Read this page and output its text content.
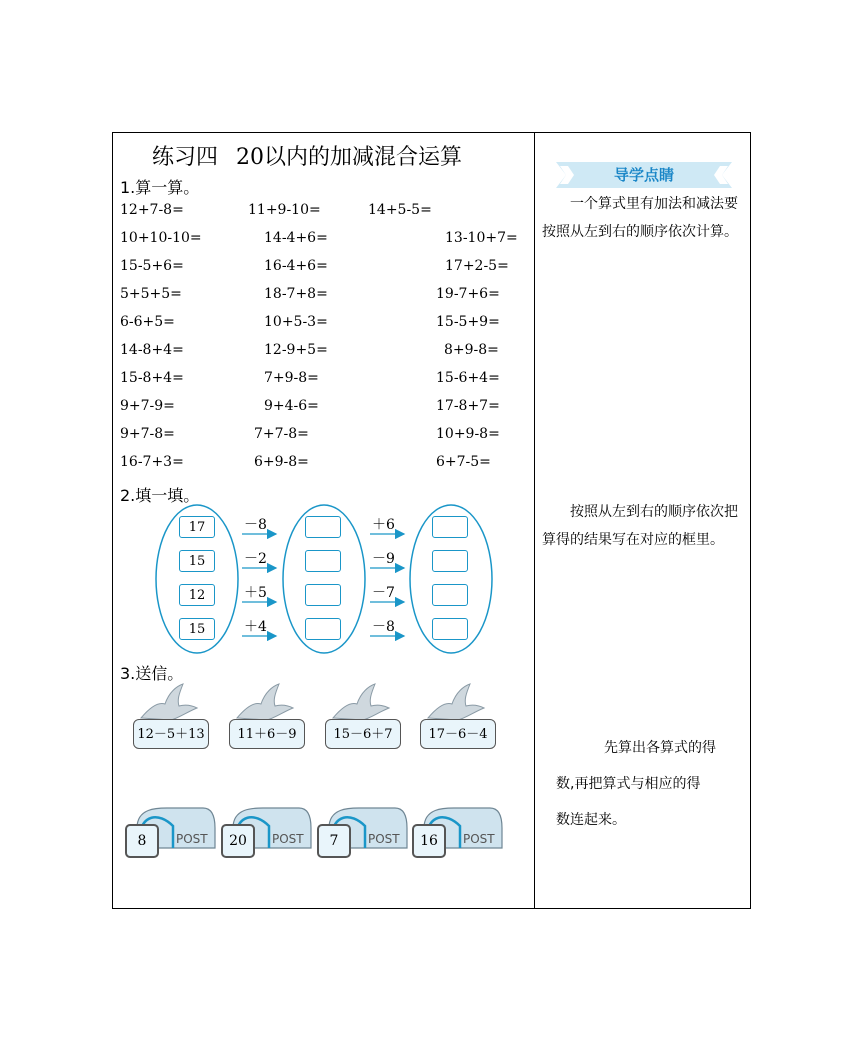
练习四 20以内的加减混合运算
1.算一算。
12+7-8=	11+9-10=	14+5-5=
10+10-10=	14-4+6=	13-10+7=
15-5+6=	16-4+6=	17+2-5=
5+5+5=	18-7+8=	19-7+6=
6-6+5=	10+5-3=	15-5+9=
14-8+4=	12-9+5=	8+9-8=
15-8+4=	7+9-8=	15-6+4=
9+7-9=	9+4-6=	17-8+7=
9+7-8=	7+7-8=	10+9-8=
16-7+3=	6+9-8=	6+7-5=
2.填一填。
17	－8	＋6
15	－2	－9
12	＋5	－7
15	＋4	－8
3.送信。
12－5＋13	11＋6－9	15－6＋7	17－6－4
8	POST	20	POST	7	POST	16	POST
导学点睛

一个算式里有加法和减法要按照从左到右的顺序依次计算。

按照从左到右的顺序依次把算得的结果写在对应的框里。

先算出各算式的得

数,再把算式与相应的得

数连起来。
